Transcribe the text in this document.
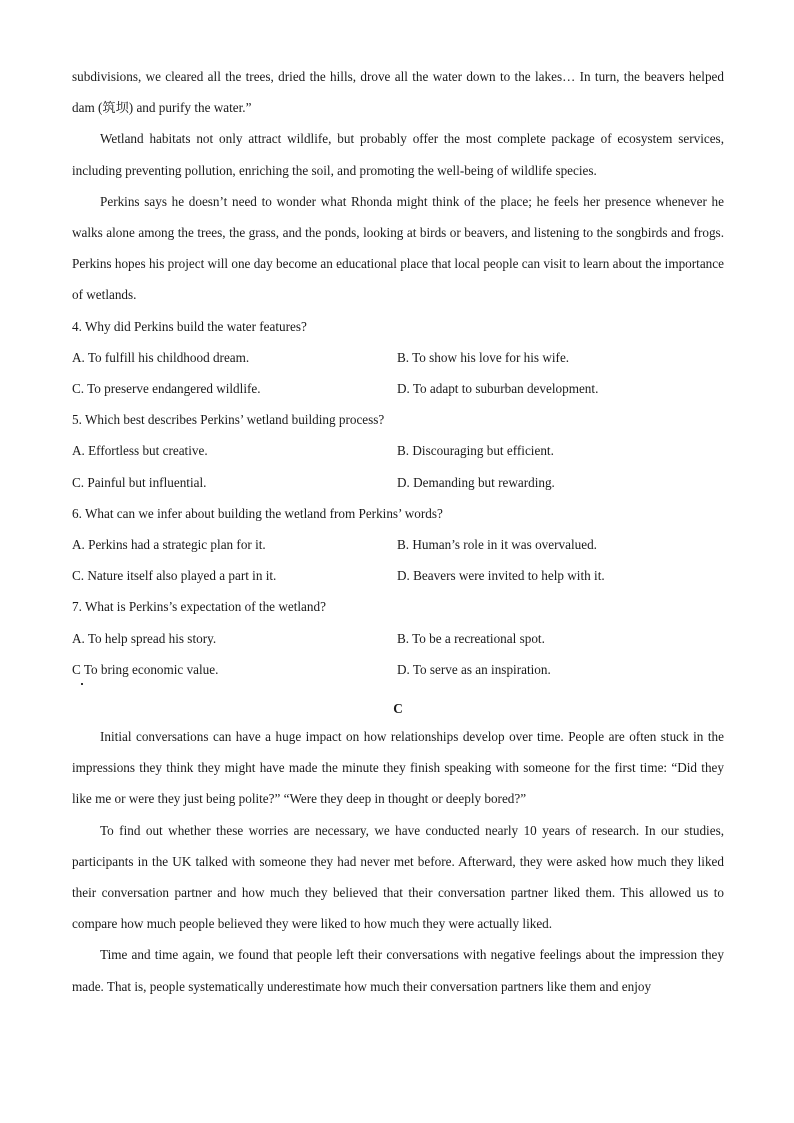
subdivisions, we cleared all the trees, dried the hills, drove all the water down to the lakes… In turn, the beavers helped dam (筑坝) and purify the water.”

Wetland habitats not only attract wildlife, but probably offer the most complete package of ecosystem services, including preventing pollution, enriching the soil, and promoting the well-being of wildlife species.

Perkins says he doesn’t need to wonder what Rhonda might think of the place; he feels her presence whenever he walks alone among the trees, the grass, and the ponds, looking at birds or beavers, and listening to the songbirds and frogs. Perkins hopes his project will one day become an educational place that local people can visit to learn about the importance of wetlands.

4. Why did Perkins build the water features?

A. To fulfill his childhood dream.	B. To show his love for his wife.
C. To preserve endangered wildlife.	D. To adapt to suburban development.

5. Which best describes Perkins’ wetland building process?

A. Effortless but creative.	B. Discouraging but efficient.
C. Painful but influential.	D. Demanding but rewarding.

6. What can we infer about building the wetland from Perkins’ words?

A. Perkins had a strategic plan for it.	B. Human’s role in it was overvalued.
C. Nature itself also played a part in it.	D. Beavers were invited to help with it.

7. What is Perkins’s expectation of the wetland?

A. To help spread his story.	B. To be a recreational spot.
C To bring economic value.	D. To serve as an inspiration.

C

Initial conversations can have a huge impact on how relationships develop over time. People are often stuck in the impressions they think they might have made the minute they finish speaking with someone for the first time: “Did they like me or were they just being polite?” “Were they deep in thought or deeply bored?”

To find out whether these worries are necessary, we have conducted nearly 10 years of research. In our studies, participants in the UK talked with someone they had never met before. Afterward, they were asked how much they liked their conversation partner and how much they believed that their conversation partner liked them. This allowed us to compare how much people believed they were liked to how much they were actually liked.

Time and time again, we found that people left their conversations with negative feelings about the impression they made. That is, people systematically underestimate how much their conversation partners like them and enjoy
